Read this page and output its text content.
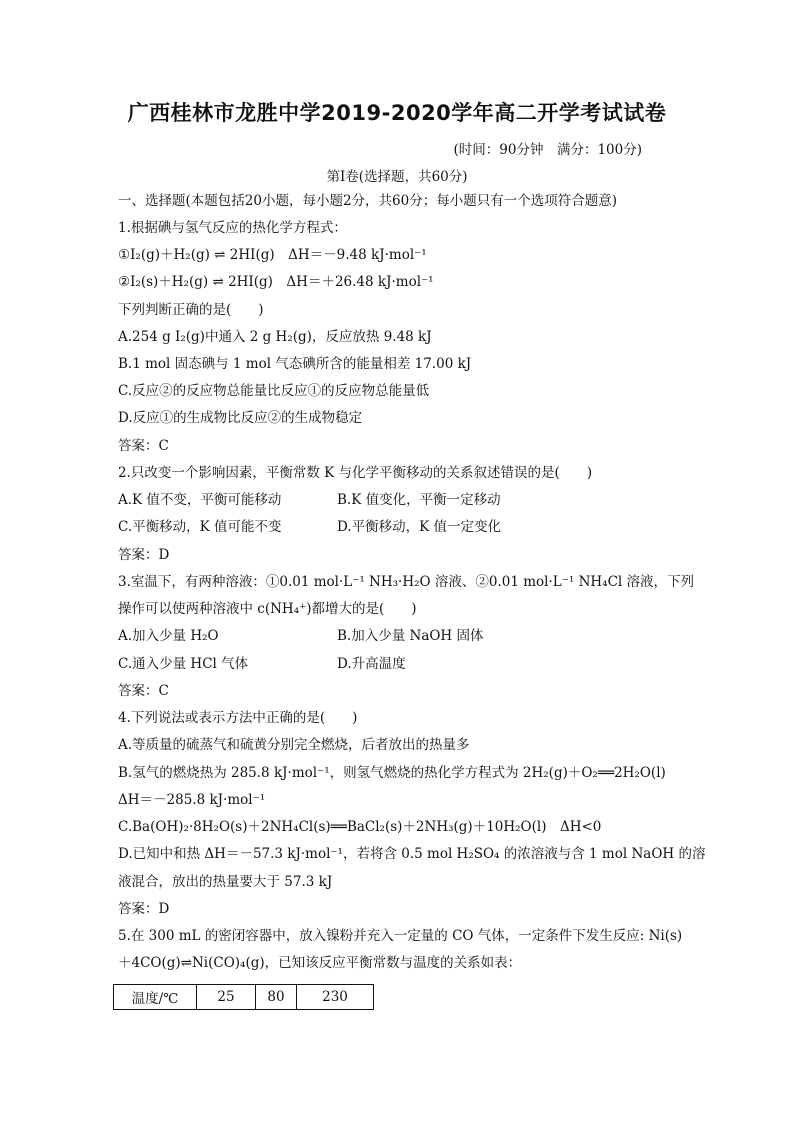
广西桂林市龙胜中学2019-2020学年高二开学考试试卷
(时间：90分钟　满分：100分)
第Ⅰ卷(选择题，共60分)
一、选择题(本题包括20小题，每小题2分，共60分；每小题只有一个选项符合题意)
1.根据碘与氢气反应的热化学方程式：
①I₂(g)＋H₂(g) ⇌ 2HI(g)　ΔH＝－9.48 kJ·mol⁻¹
②I₂(s)＋H₂(g) ⇌ 2HI(g)　ΔH＝＋26.48 kJ·mol⁻¹
下列判断正确的是(　　)
A.254 g I₂(g)中通入 2 g H₂(g)，反应放热 9.48 kJ
B.1 mol 固态碘与 1 mol 气态碘所含的能量相差 17.00 kJ
C.反应②的反应物总能量比反应①的反应物总能量低
D.反应①的生成物比反应②的生成物稳定
答案：C
2.只改变一个影响因素，平衡常数 K 与化学平衡移动的关系叙述错误的是(　　)
A.K 值不变，平衡可能移动	B.K 值变化，平衡一定移动
C.平衡移动，K 值可能不变	D.平衡移动，K 值一定变化
答案：D
3.室温下，有两种溶液：①0.01 mol·L⁻¹ NH₃·H₂O 溶液、②0.01 mol·L⁻¹ NH₄Cl 溶液，下列
操作可以使两种溶液中 c(NH₄⁺)都增大的是(　　)
A.加入少量 H₂O	B.加入少量 NaOH 固体
C.通入少量 HCl 气体	D.升高温度
答案：C
4.下列说法或表示方法中正确的是(　　)
A.等质量的硫蒸气和硫黄分别完全燃烧，后者放出的热量多
B.氢气的燃烧热为 285.8 kJ·mol⁻¹，则氢气燃烧的热化学方程式为 2H₂(g)＋O₂══2H₂O(l)
ΔH＝－285.8 kJ·mol⁻¹
C.Ba(OH)₂·8H₂O(s)＋2NH₄Cl(s)══BaCl₂(s)＋2NH₃(g)＋10H₂O(l)　ΔH<0
D.已知中和热 ΔH＝－57.3 kJ·mol⁻¹，若将含 0.5 mol H₂SO₄ 的浓溶液与含 1 mol NaOH 的溶
液混合，放出的热量要大于 57.3 kJ
答案：D
5.在 300 mL 的密闭容器中，放入镍粉并充入一定量的 CO 气体，一定条件下发生反应: Ni(s)
＋4CO(g)⇌Ni(CO)₄(g)，已知该反应平衡常数与温度的关系如表：
温度/℃	25	80	230
